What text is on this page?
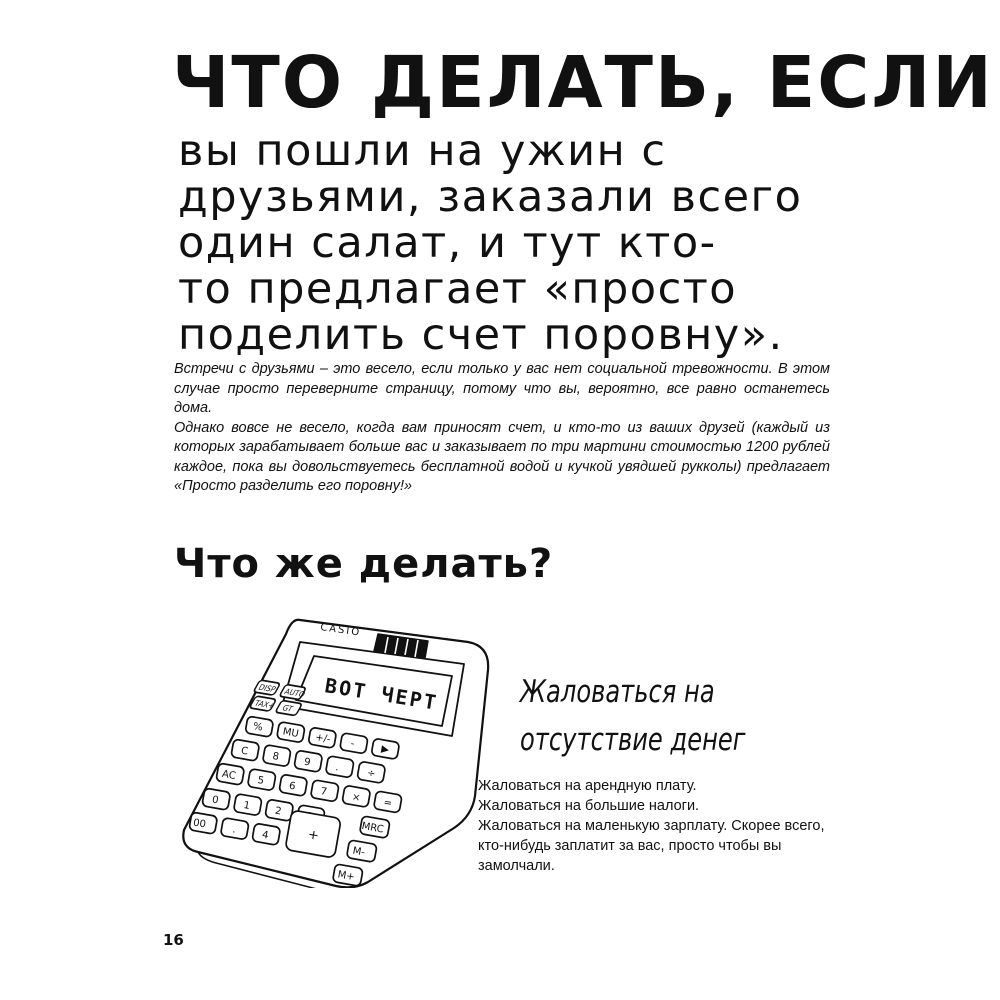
ЧТО ДЕЛАТЬ, ЕСЛИ
вы пошли на ужин с
друзьями, заказали всего
один салат, и тут кто-
то предлагает «просто
поделить счет поровну».

Встречи с друзьями – это весело, если только у вас нет социальной тревожности. В этом случае просто переверните страницу, потому что вы, вероятно, все равно останетесь дома.

Однако вовсе не весело, когда вам приносят счет, и кто-то из ваших друзей (каждый из которых зарабатывает больше вас и заказывает по три мартини стоимостью 1200 рублей каждое, пока вы довольствуетесь бесплатной водой и кучкой увядшей рукколы) предлагает «Просто разделить его поровну!»

Что же делать?
CASIO
ВОТ ЧЕРТ
DISP AUTO
TAX+ GT
% MU +/- -	▶
C 8 9 .	÷
AC 5 6 7 × =
0 1 2
MRC
00 . 4
M-
M+
+
Жаловаться на
отсутствие денег

Жаловаться на арендную плату.

Жаловаться на большие налоги.

Жаловаться на маленькую зарплату. Скорее всего, кто-нибудь заплатит за вас, просто чтобы вы замолчали.

16
